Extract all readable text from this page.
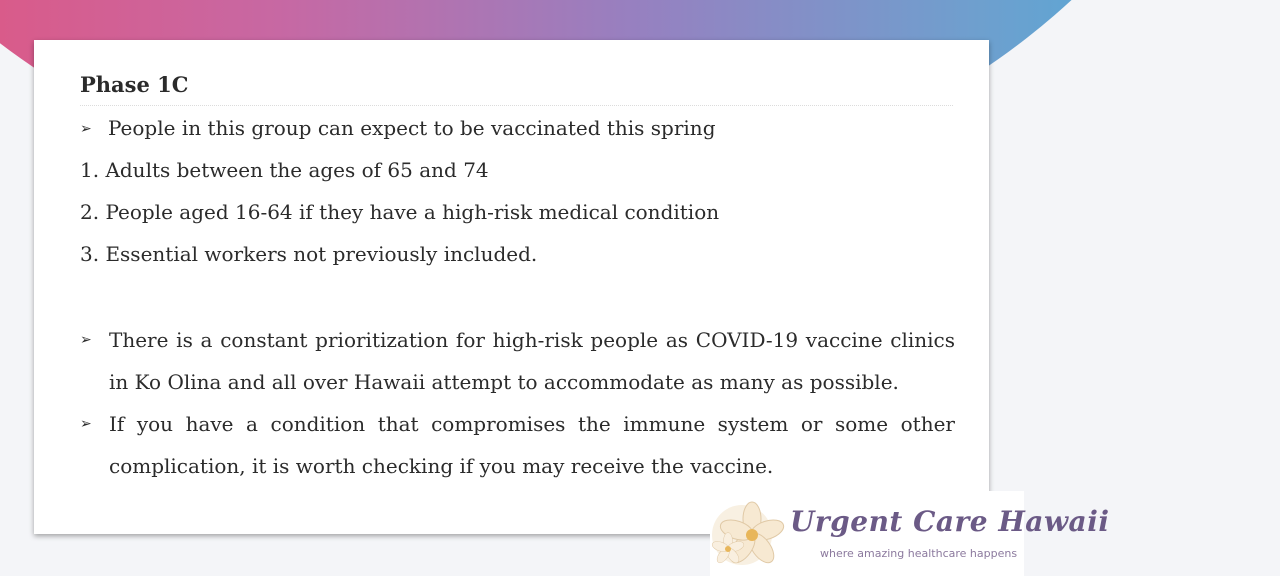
Phase 1C
➢ People in this group can expect to be vaccinated this spring
1. Adults between the ages of 65 and 74
2. People aged 16-64 if they have a high-risk medical condition
3. Essential workers not previously included.
➢ There is a constant prioritization for high-risk people as COVID-19 vaccine clinics in Ko Olina and all over Hawaii attempt to accommodate as many as possible.
➢ If you have a condition that compromises the immune system or some other complication, it is worth checking if you may receive the vaccine.
Urgent Care Hawaii
where amazing healthcare happens
